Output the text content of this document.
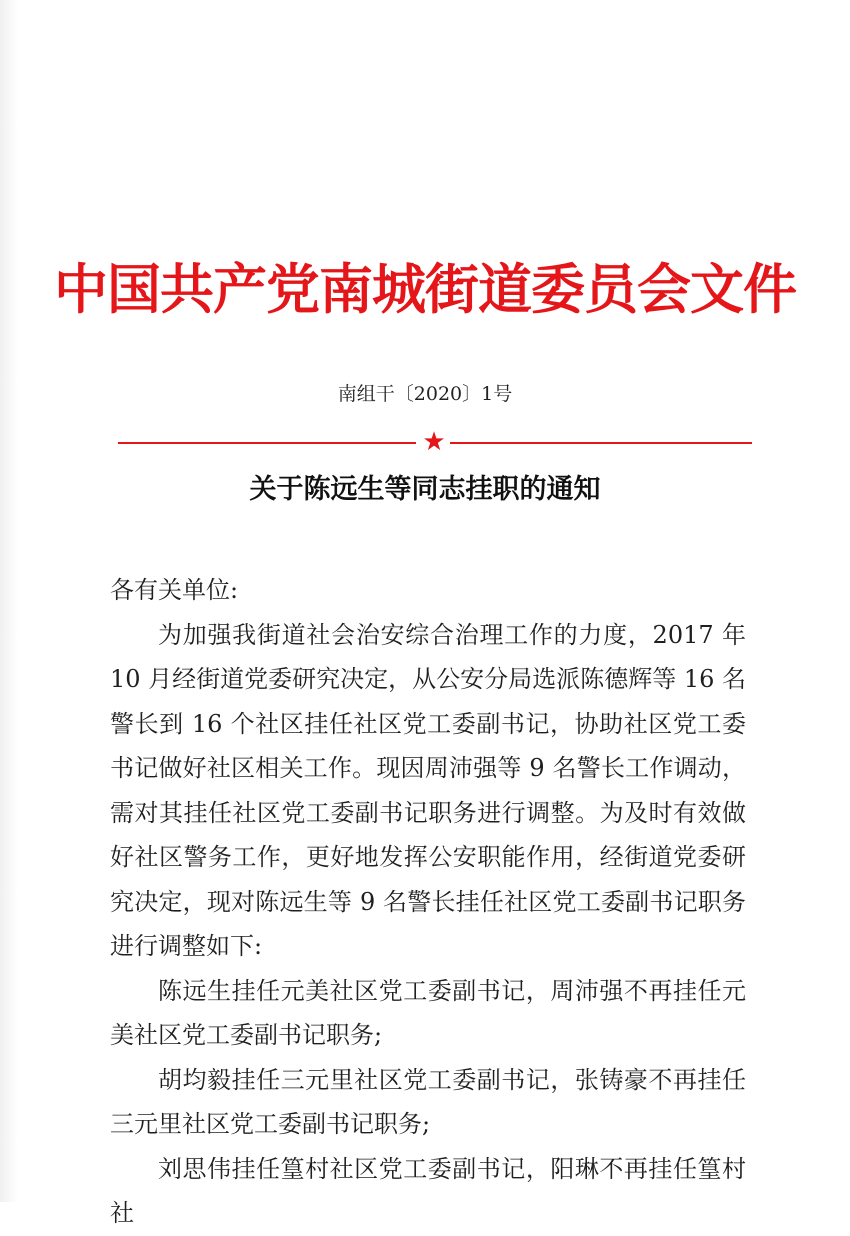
中国共产党南城街道委员会文件
南组干〔2020〕1号
★
关于陈远生等同志挂职的通知

各有关单位:

为加强我街道社会治安综合治理工作的力度，2017 年 10 月经街道党委研究决定，从公安分局选派陈德辉等 16 名警长到 16 个社区挂任社区党工委副书记，协助社区党工委书记做好社区相关工作。现因周沛强等 9 名警长工作调动，需对其挂任社区党工委副书记职务进行调整。为及时有效做好社区警务工作，更好地发挥公安职能作用，经街道党委研究决定，现对陈远生等 9 名警长挂任社区党工委副书记职务进行调整如下:

陈远生挂任元美社区党工委副书记，周沛强不再挂任元美社区党工委副书记职务;

胡均毅挂任三元里社区党工委副书记，张铸豪不再挂任三元里社区党工委副书记职务;

刘思伟挂任篁村社区党工委副书记，阳琳不再挂任篁村社
